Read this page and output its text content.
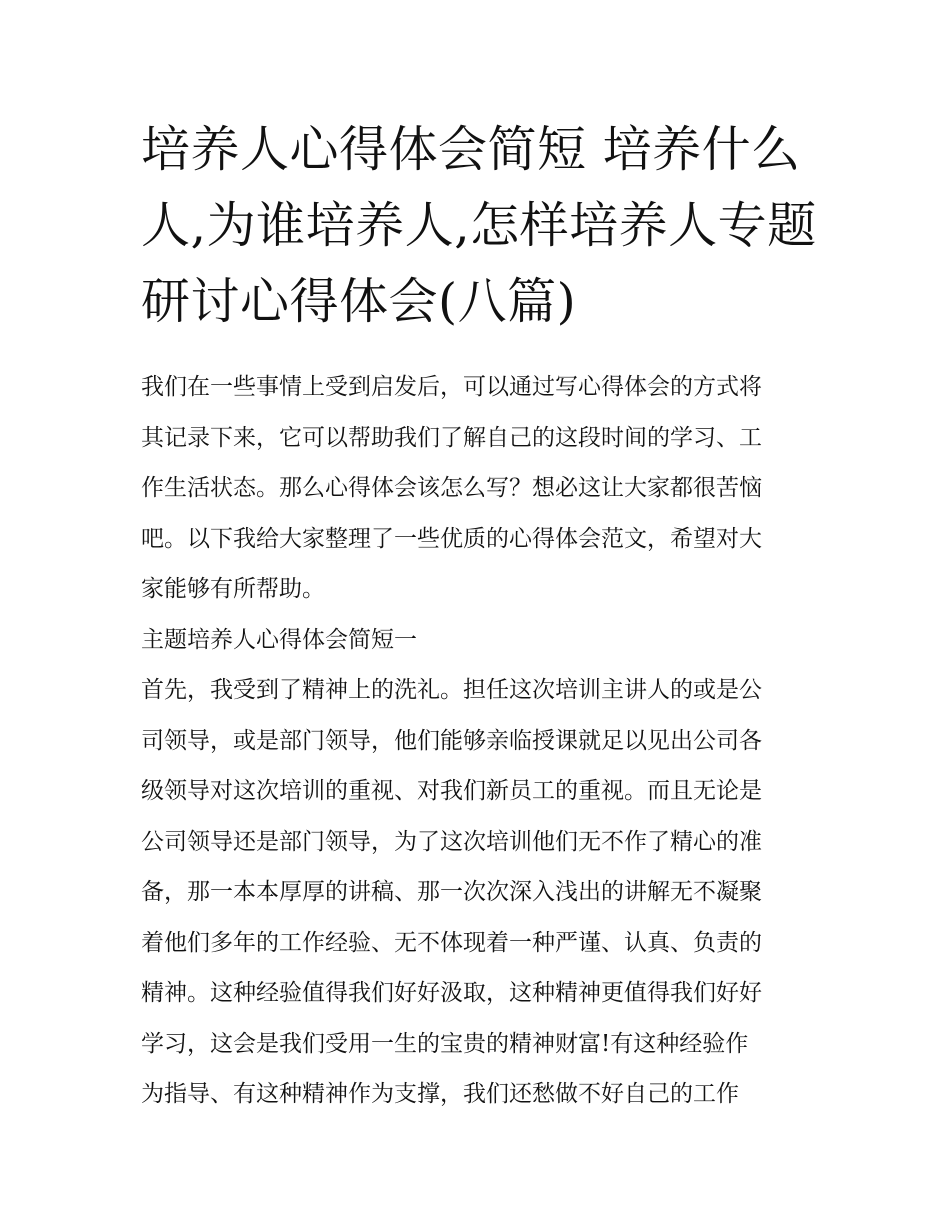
培养人心得体会简短 培养什么
人,为谁培养人,怎样培养人专题
研讨心得体会(八篇)
我们在一些事情上受到启发后，可以通过写心得体会的方式将
其记录下来，它可以帮助我们了解自己的这段时间的学习、工
作生活状态。那么心得体会该怎么写？想必这让大家都很苦恼
吧。以下我给大家整理了一些优质的心得体会范文，希望对大
家能够有所帮助。
主题培养人心得体会简短一
首先，我受到了精神上的洗礼。担任这次培训主讲人的或是公
司领导，或是部门领导，他们能够亲临授课就足以见出公司各
级领导对这次培训的重视、对我们新员工的重视。而且无论是
公司领导还是部门领导，为了这次培训他们无不作了精心的准
备，那一本本厚厚的讲稿、那一次次深入浅出的讲解无不凝聚
着他们多年的工作经验、无不体现着一种严谨、认真、负责的
精神。这种经验值得我们好好汲取，这种精神更值得我们好好
学习，这会是我们受用一生的宝贵的精神财富!有这种经验作
为指导、有这种精神作为支撑，我们还愁做不好自己的工作
